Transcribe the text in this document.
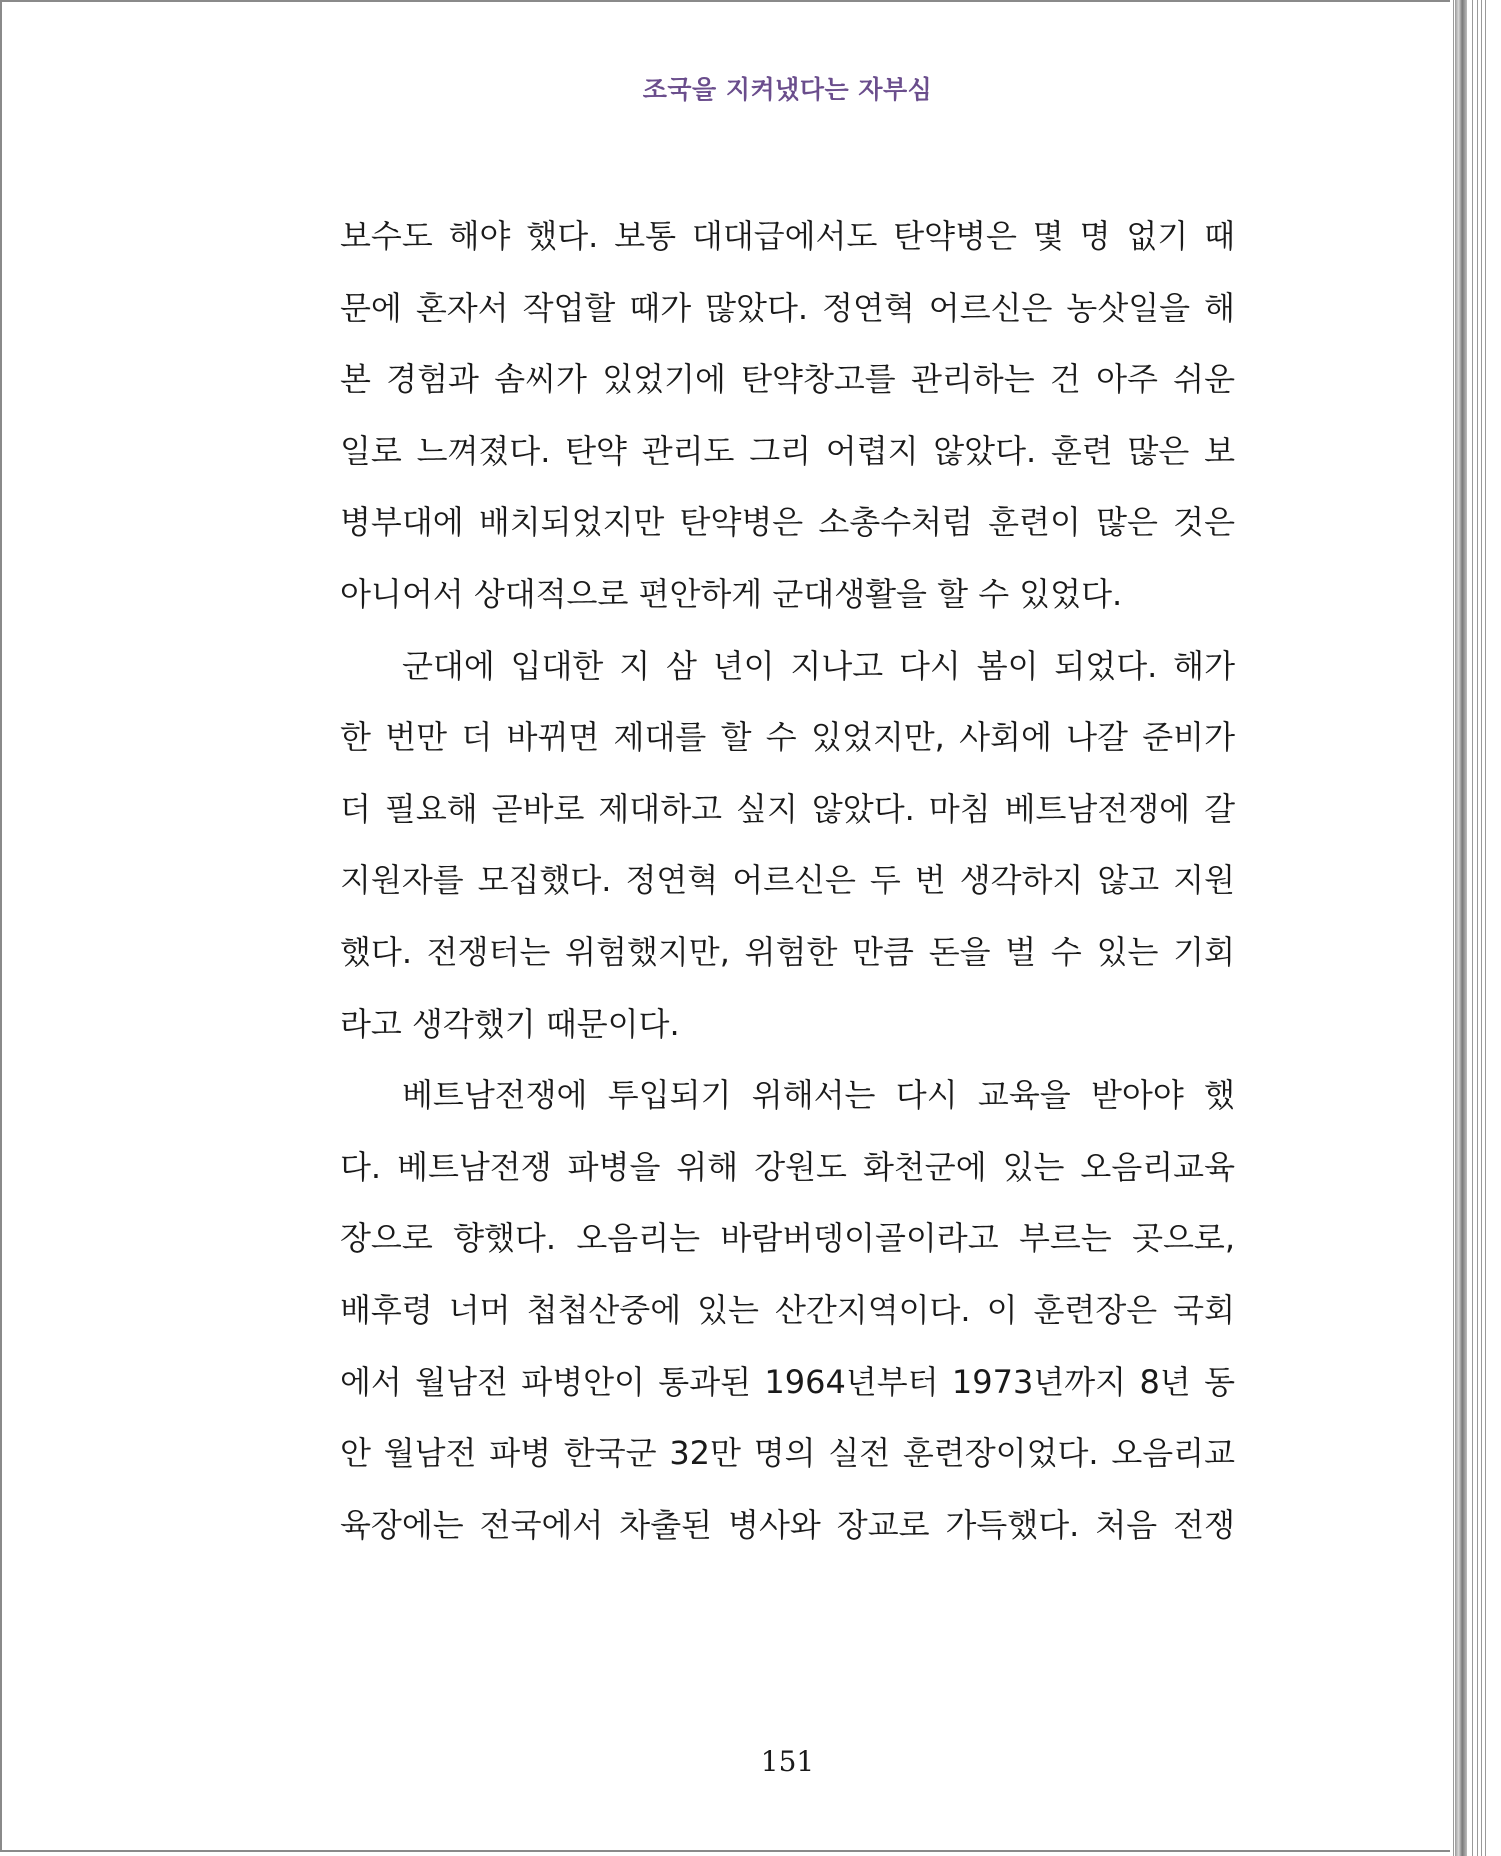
조국을 지켜냈다는 자부심
보수도 해야 했다. 보통 대대급에서도 탄약병은 몇 명 없기 때
문에 혼자서 작업할 때가 많았다. 정연혁 어르신은 농삿일을 해
본 경험과 솜씨가 있었기에 탄약창고를 관리하는 건 아주 쉬운
일로 느껴졌다. 탄약 관리도 그리 어렵지 않았다. 훈련 많은 보
병부대에 배치되었지만 탄약병은 소총수처럼 훈련이 많은 것은
아니어서 상대적으로 편안하게 군대생활을 할 수 있었다.
군대에 입대한 지 삼 년이 지나고 다시 봄이 되었다. 해가
한 번만 더 바뀌면 제대를 할 수 있었지만, 사회에 나갈 준비가
더 필요해 곧바로 제대하고 싶지 않았다. 마침 베트남전쟁에 갈
지원자를 모집했다. 정연혁 어르신은 두 번 생각하지 않고 지원
했다. 전쟁터는 위험했지만, 위험한 만큼 돈을 벌 수 있는 기회
라고 생각했기 때문이다.
베트남전쟁에 투입되기 위해서는 다시 교육을 받아야 했
다. 베트남전쟁 파병을 위해 강원도 화천군에 있는 오음리교육
장으로 향했다. 오음리는 바람버뎅이골이라고 부르는 곳으로,
배후령 너머 첩첩산중에 있는 산간지역이다. 이 훈련장은 국회
에서 월남전 파병안이 통과된 1964년부터 1973년까지 8년 동
안 월남전 파병 한국군 32만 명의 실전 훈련장이었다. 오음리교
육장에는 전국에서 차출된 병사와 장교로 가득했다. 처음 전쟁
151
